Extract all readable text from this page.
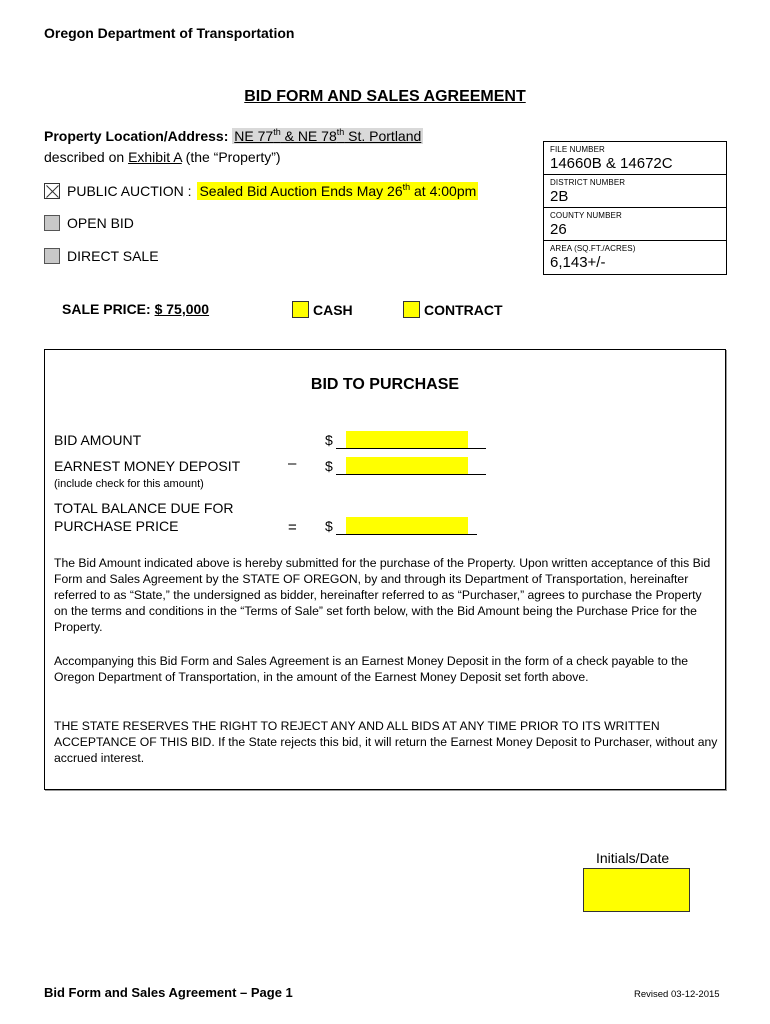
Oregon Department of Transportation
BID FORM AND SALES AGREEMENT
Property Location/Address: NE 77th & NE 78th St. Portland
described on Exhibit A (the “Property”)
PUBLIC AUCTION : Sealed Bid Auction Ends May 26th at 4:00pm
OPEN BID
DIRECT SALE
FILE NUMBER
14660B & 14672C
DISTRICT NUMBER
2B
COUNTY NUMBER
26
AREA (SQ.FT./ACRES)
6,143+/-
SALE PRICE:
$ 75,000	CASH	CONTRACT
BID TO PURCHASE
BID AMOUNT	$
EARNEST MONEY DEPOSIT	– $
(include check for this amount)
TOTAL BALANCE DUE FOR
PURCHASE PRICE	= $
The Bid Amount indicated above is hereby submitted for the purchase of the Property. Upon written acceptance of this Bid Form and Sales Agreement by the STATE OF OREGON, by and through its Department of Transportation, hereinafter referred to as “State,” the undersigned as bidder, hereinafter referred to as “Purchaser,” agrees to purchase the Property on the terms and conditions in the “Terms of Sale” set forth below, with the Bid Amount being the Purchase Price for the Property.
Accompanying this Bid Form and Sales Agreement is an Earnest Money Deposit in the form of a check payable to the Oregon Department of Transportation, in the amount of the Earnest Money Deposit set forth above.
THE STATE RESERVES THE RIGHT TO REJECT ANY AND ALL BIDS AT ANY TIME PRIOR TO ITS WRITTEN ACCEPTANCE OF THIS BID. If the State rejects this bid, it will return the Earnest Money Deposit to Purchaser, without any accrued interest.
Initials/Date
Bid Form and Sales Agreement – Page 1	Revised 03-12-2015
